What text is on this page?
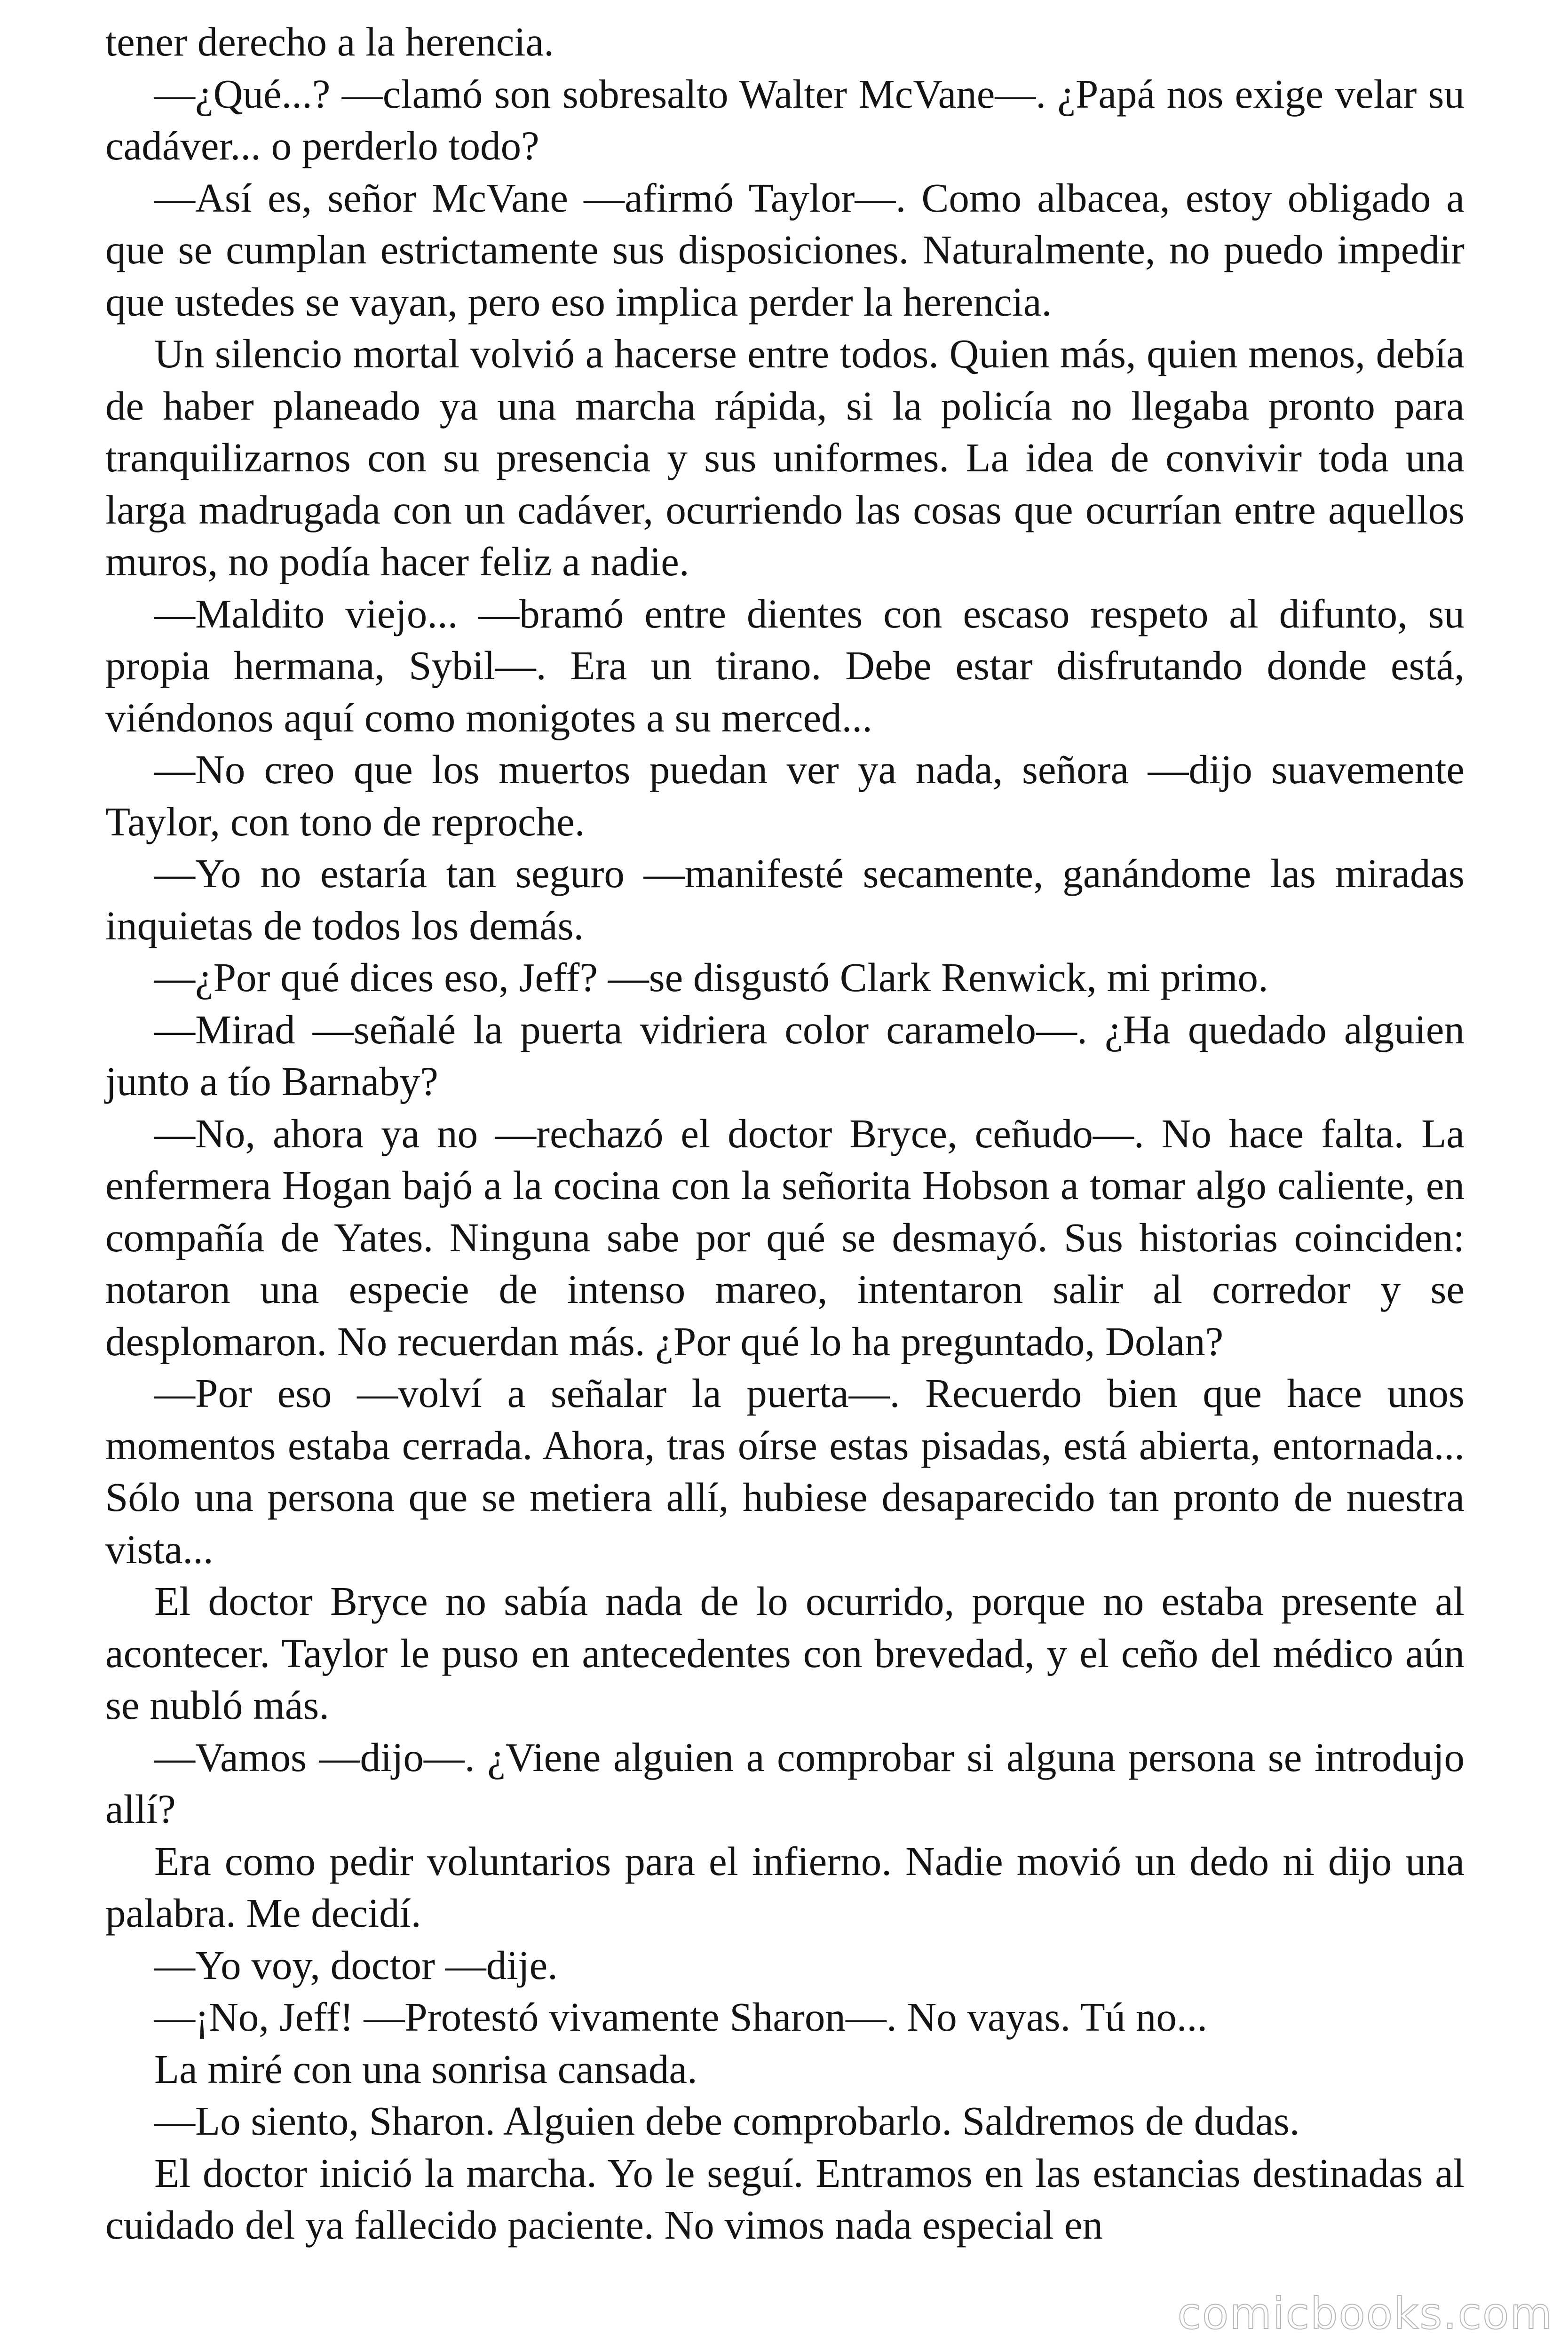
tener derecho a la herencia.

—¿Qué...? —clamó son sobresalto Walter McVane—. ¿Papá nos exige velar su cadáver... o perderlo todo?

—Así es, señor McVane —afirmó Taylor—. Como albacea, estoy obligado a que se cumplan estrictamente sus disposiciones. Naturalmente, no puedo impedir que ustedes se vayan, pero eso implica perder la herencia.

Un silencio mortal volvió a hacerse entre todos. Quien más, quien menos, debía de haber planeado ya una marcha rápida, si la policía no llegaba pronto para tranquilizarnos con su presencia y sus uniformes. La idea de convivir toda una larga madrugada con un cadáver, ocurriendo las cosas que ocurrían entre aquellos muros, no podía hacer feliz a nadie.

—Maldito viejo... —bramó entre dientes con escaso respeto al difunto, su propia hermana, Sybil—. Era un tirano. Debe estar disfrutando donde está, viéndonos aquí como monigotes a su merced...

—No creo que los muertos puedan ver ya nada, señora —dijo suavemente Taylor, con tono de reproche.

—Yo no estaría tan seguro —manifesté secamente, ganándome las miradas inquietas de todos los demás.

—¿Por qué dices eso, Jeff? —se disgustó Clark Renwick, mi primo.

—Mirad —señalé la puerta vidriera color caramelo—. ¿Ha quedado alguien junto a tío Barnaby?

—No, ahora ya no —rechazó el doctor Bryce, ceñudo—. No hace falta. La enfermera Hogan bajó a la cocina con la señorita Hobson a tomar algo caliente, en compañía de Yates. Ninguna sabe por qué se desmayó. Sus historias coinciden: notaron una especie de intenso mareo, intentaron salir al corredor y se desplomaron. No recuerdan más. ¿Por qué lo ha preguntado, Dolan?

—Por eso —volví a señalar la puerta—. Recuerdo bien que hace unos momentos estaba cerrada. Ahora, tras oírse estas pisadas, está abierta, entornada... Sólo una persona que se metiera allí, hubiese desaparecido tan pronto de nuestra vista...

El doctor Bryce no sabía nada de lo ocurrido, porque no estaba presente al acontecer. Taylor le puso en antecedentes con brevedad, y el ceño del médico aún se nubló más.

—Vamos —dijo—. ¿Viene alguien a comprobar si alguna persona se introdujo allí?

Era como pedir voluntarios para el infierno. Nadie movió un dedo ni dijo una palabra. Me decidí.

—Yo voy, doctor —dije.

—¡No, Jeff! —Protestó vivamente Sharon—. No vayas. Tú no...

La miré con una sonrisa cansada.

—Lo siento, Sharon. Alguien debe comprobarlo. Saldremos de dudas.

El doctor inició la marcha. Yo le seguí. Entramos en las estancias destinadas al cuidado del ya fallecido paciente. No vimos nada especial en

comicbooks.com
